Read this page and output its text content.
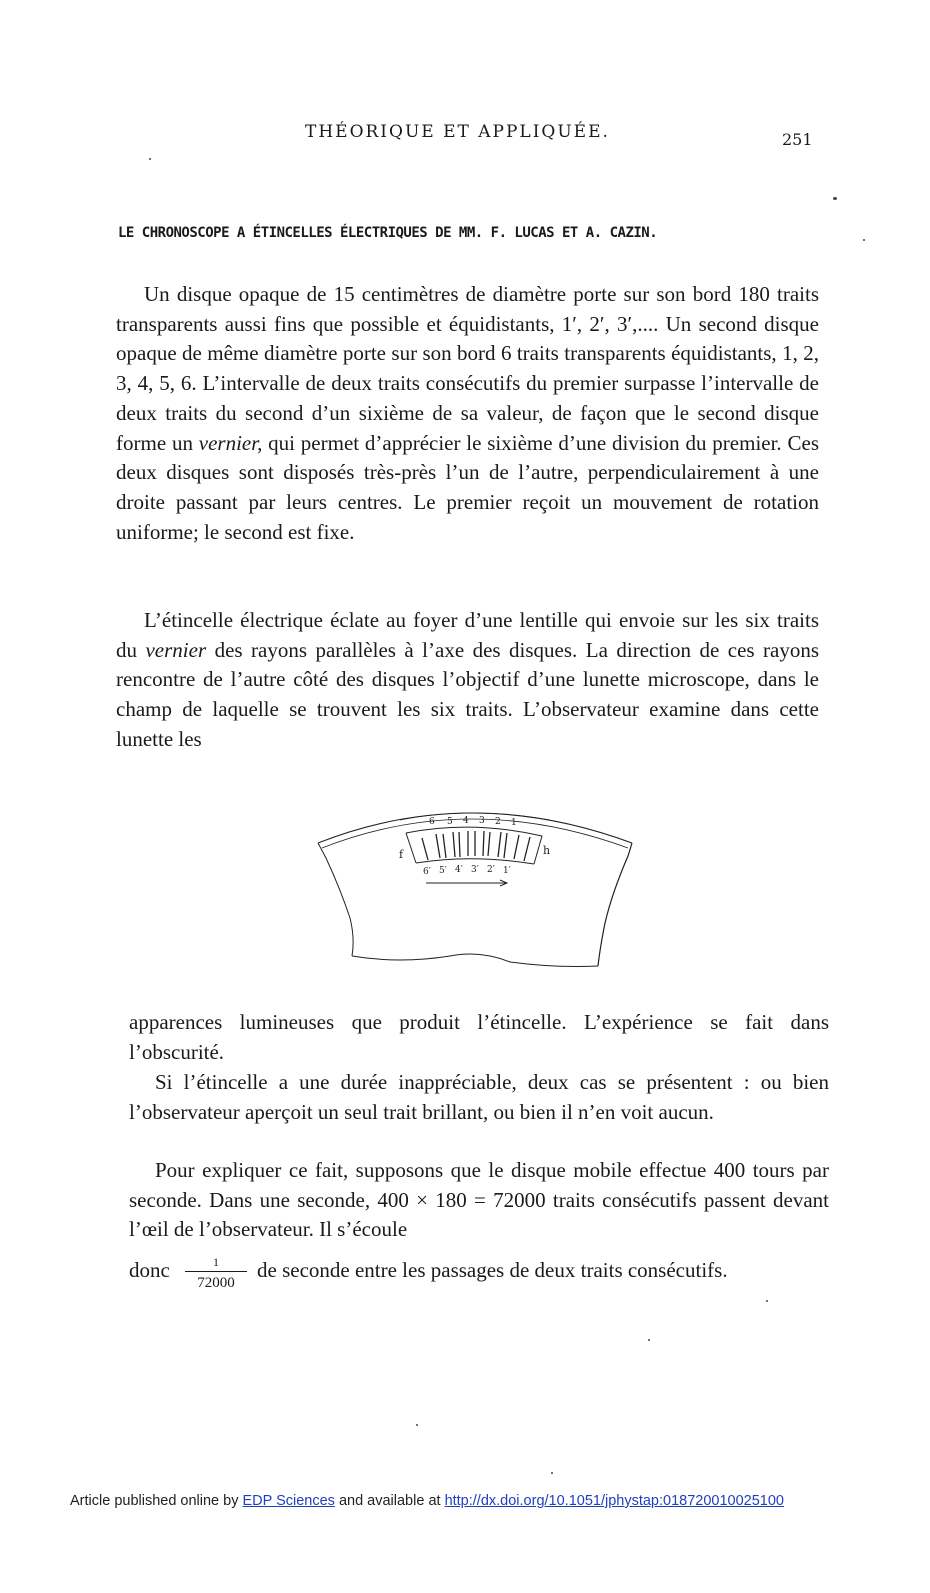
THÉORIQUE ET APPLIQUÉE.	251
LE CHRONOSCOPE A ÉTINCELLES ÉLECTRIQUES DE MM. F. LUCAS ET A. CAZIN.

Un disque opaque de 15 centimètres de diamètre porte sur son bord 180 traits transparents aussi fins que possible et équidistants, 1′, 2′, 3′,.... Un second disque opaque de même diamètre porte sur son bord 6 traits transparents équidistants, 1, 2, 3, 4, 5, 6. L’intervalle de deux traits consécutifs du premier surpasse l’intervalle de deux traits du second d’un sixième de sa valeur, de façon que le second disque forme un vernier, qui permet d’apprécier le sixième d’une division du premier. Ces deux disques sont disposés très-près l’un de l’autre, perpendiculairement à une droite passant par leurs centres. Le premier reçoit un mouvement de rotation uniforme; le second est fixe.

L’étincelle électrique éclate au foyer d’une lentille qui envoie sur les six traits du vernier des rayons parallèles à l’axe des disques. La direction de ces rayons rencontre de l’autre côté des disques l’objectif d’une lunette microscope, dans le champ de laquelle se trouvent les six traits. L’observateur examine dans cette lunette les

6 5 4 3 2 1
6′ 5′ 4′ 3′ 2′ 1′
f	h

apparences lumineuses que produit l’étincelle. L’expérience se fait dans l’obscurité.

Si l’étincelle a une durée inappréciable, deux cas se présentent : ou bien l’observateur aperçoit un seul trait brillant, ou bien il n’en voit aucun.

Pour expliquer ce fait, supposons que le disque mobile effectue 400 tours par seconde. Dans une seconde, 400 × 180 = 72000 traits consécutifs passent devant l’œil de l’observateur. Il s’écoule

donc	1
72000
de seconde entre les passages de deux traits consécutifs.
Article published online by EDP Sciences and available at http://dx.doi.org/10.1051/jphystap:018720010025100
